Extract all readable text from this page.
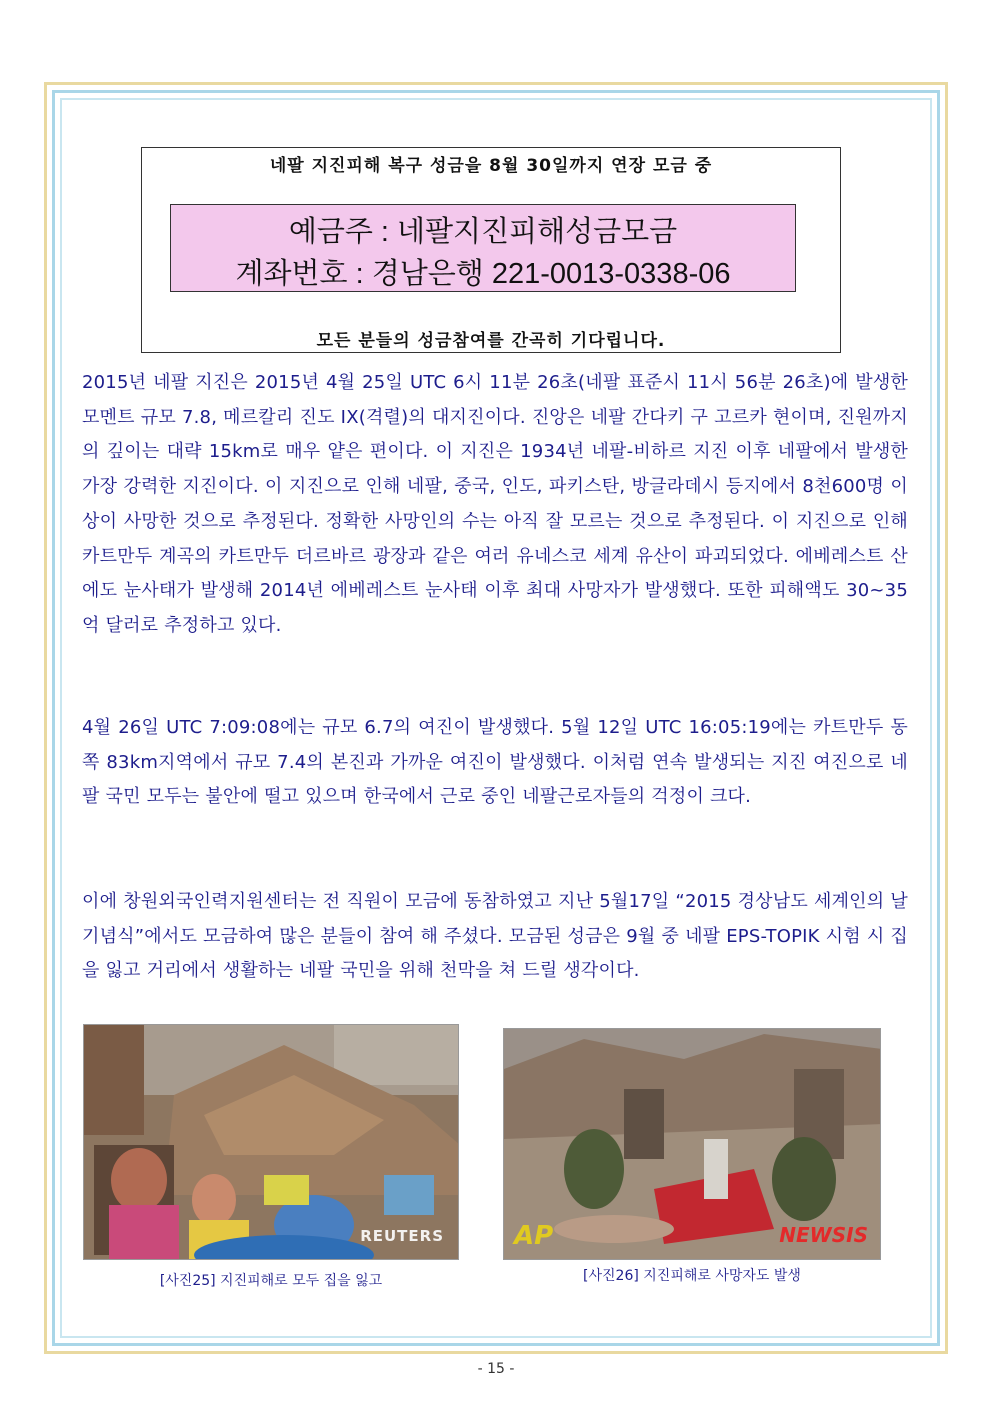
네팔 지진피해 복구 성금을 8월 30일까지 연장 모금 중
예금주 : 네팔지진피해성금모금
계좌번호 : 경남은행 221-0013-0338-06
모든 분들의 성금참여를 간곡히 기다립니다.

2015년 네팔 지진은 2015년 4월 25일 UTC 6시 11분 26초(네팔 표준시 11시 56분 26초)에 발생한 모멘트 규모 7.8, 메르칼리 진도 IX(격렬)의 대지진이다. 진앙은 네팔 간다키 구 고르카 현이며, 진원까지의 깊이는 대략 15km로 매우 얕은 편이다. 이 지진은 1934년 네팔-비하르 지진 이후 네팔에서 발생한 가장 강력한 지진이다. 이 지진으로 인해 네팔, 중국, 인도, 파키스탄, 방글라데시 등지에서 8천600명 이상이 사망한 것으로 추정된다. 정확한 사망인의 수는 아직 잘 모르는 것으로 추정된다. 이 지진으로 인해 카트만두 계곡의 카트만두 더르바르 광장과 같은 여러 유네스코 세계 유산이 파괴되었다. 에베레스트 산에도 눈사태가 발생해 2014년 에베레스트 눈사태 이후 최대 사망자가 발생했다. 또한 피해액도 30~35억 달러로 추정하고 있다.

4월 26일 UTC 7:09:08에는 규모 6.7의 여진이 발생했다. 5월 12일 UTC 16:05:19에는 카트만두 동쪽 83km지역에서 규모 7.4의 본진과 가까운 여진이 발생했다. 이처럼 연속 발생되는 지진 여진으로 네팔 국민 모두는 불안에 떨고 있으며 한국에서 근로 중인 네팔근로자들의 걱정이 크다.

이에 창원외국인력지원센터는 전 직원이 모금에 동참하였고 지난 5월17일 “2015 경상남도 세계인의 날 기념식”에서도 모금하여 많은 분들이 참여 해 주셨다. 모금된 성금은 9월 중 네팔 EPS-TOPIK 시험 시 집을 잃고 거리에서 생활하는 네팔 국민을 위해 천막을 쳐 드릴 생각이다.

REUTERS
[사진25] 지진피해로 모두 집을 잃고
AP	NEWSIS
[사진26] 지진피해로 사망자도 발생
- 15 -
